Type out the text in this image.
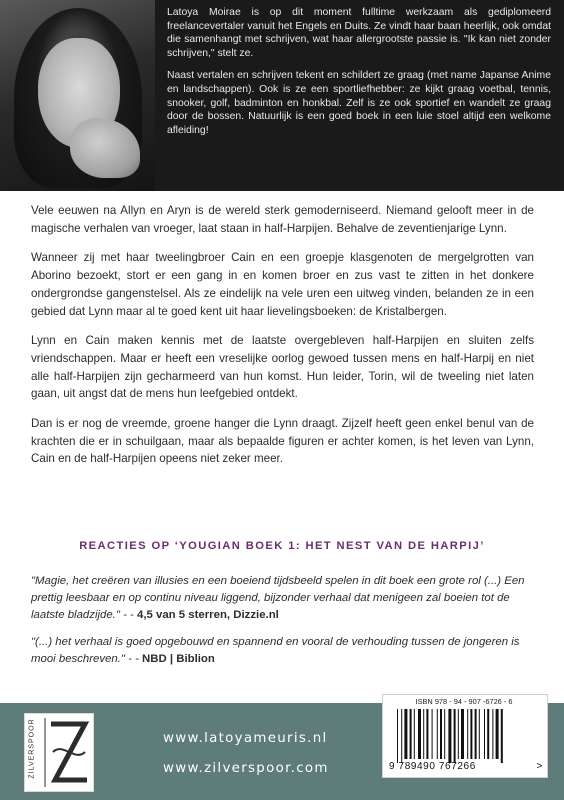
Latoya Moirae is op dit moment fulltime werkzaam als gediplomeerd freelancevertaler vanuit het Engels en Duits. Ze vindt haar baan heerlijk, ook omdat die samenhangt met schrijven, wat haar allergrootste passie is. "Ik kan niet zonder schrijven," stelt ze.

Naast vertalen en schrijven tekent en schildert ze graag (met name Japanse Anime en landschappen). Ook is ze een sportliefhebber: ze kijkt graag voetbal, tennis, snooker, golf, badminton en honkbal. Zelf is ze ook sportief en wandelt ze graag door de bossen. Natuurlijk is een goed boek in een luie stoel altijd een welkome afleiding!

Vele eeuwen na Allyn en Aryn is de wereld sterk gemoderniseerd. Niemand gelooft meer in de magische verhalen van vroeger, laat staan in half-Harpijen. Behalve de zeventienjarige Lynn.

Wanneer zij met haar tweelingbroer Cain en een groepje klasgenoten de mergelgrotten van Aborino bezoekt, stort er een gang in en komen broer en zus vast te zitten in het donkere ondergrondse gangenstelsel. Als ze eindelijk na vele uren een uitweg vinden, belanden ze in een gebied dat Lynn maar al te goed kent uit haar lievelingsboeken: de Kristalbergen.

Lynn en Cain maken kennis met de laatste overgebleven half-Harpijen en sluiten zelfs vriendschappen. Maar er heeft een vreselijke oorlog gewoed tussen mens en half-Harpij en niet alle half-Harpijen zijn gecharmeerd van hun komst. Hun leider, Torin, wil de tweeling niet laten gaan, uit angst dat de mens hun leefgebied ontdekt.

Dan is er nog de vreemde, groene hanger die Lynn draagt. Zijzelf heeft geen enkel benul van de krachten die er in schuilgaan, maar als bepaalde figuren er achter komen, is het leven van Lynn, Cain en de half-Harpijen opeens niet zeker meer.

REACTIES OP ‘YOUGIAN BOEK 1: HET NEST VAN DE HARPIJ’
"Magie, het creëren van illusies en een boeiend tijdsbeeld spelen in dit boek een grote rol (...) Een prettig leesbaar en op continu niveau liggend, bijzonder verhaal dat menigeen zal boeien tot de laatste bladzijde." - - 4,5 van 5 sterren, Dizzie.nl
"(...) het verhaal is goed opgebouwd en spannend en vooral de verhouding tussen de jongeren is mooi beschreven." - - NBD | Biblion
ZILVERSPOOR	www.latoyameuris.nl
www.zilverspoor.com
ISBN 978 - 94 - 907 -6726 - 6
9 789490 767266	>
